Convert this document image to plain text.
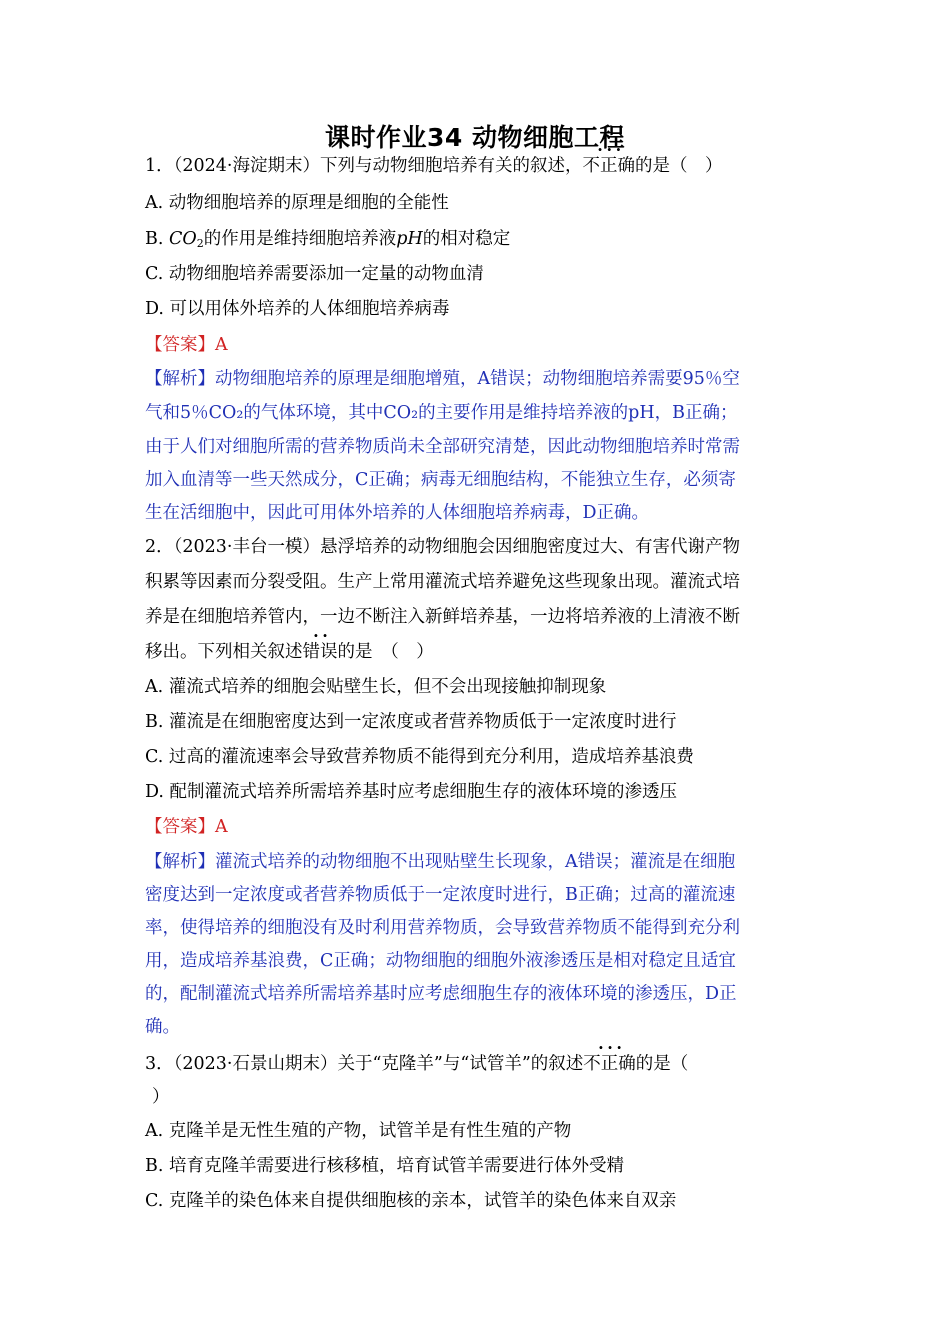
课时作业34 动物细胞工程
1．（2024·海淀期末）下列与动物细胞培养有关的叙述，· · · 不正确的是（　）
A. 动物细胞培养的原理是细胞的全能性
B. $CO_2$的作用是维持细胞培养液pH的相对稳定
C. 动物细胞培养需要添加一定量的动物血清
D. 可以用体外培养的人体细胞培养病毒
【答案】A
【解析】动物细胞培养的原理是细胞增殖，A错误；动物细胞培养需要95％空
气和5％CO₂的气体环境，其中CO₂的主要作用是维持培养液的pH，B正确；
由于人们对细胞所需的营养物质尚未全部研究清楚，因此动物细胞培养时常需
加入血清等一些天然成分，C正确；病毒无细胞结构，不能独立生存，必须寄
生在活细胞中，因此可用体外培养的人体细胞培养病毒，D正确。
2．（2023·丰台一模）悬浮培养的动物细胞会因细胞密度过大、有害代谢产物
积累等因素而分裂受阻。生产上常用灌流式培养避免这些现象出现。灌流式培
养是在细胞培养管内，一边不断注入新鲜培养基，一边将培养液的上清液不断
移出。下列相关叙述· · 错误的是　（　）
A. 灌流式培养的细胞会贴壁生长，但不会出现接触抑制现象
B. 灌流是在细胞密度达到一定浓度或者营养物质低于一定浓度时进行
C. 过高的灌流速率会导致营养物质不能得到充分利用，造成培养基浪费
D. 配制灌流式培养所需培养基时应考虑细胞生存的液体环境的渗透压
【答案】A
【解析】灌流式培养的动物细胞不出现贴壁生长现象，A错误；灌流是在细胞
密度达到一定浓度或者营养物质低于一定浓度时进行，B正确；过高的灌流速
率，使得培养的细胞没有及时利用营养物质，会导致营养物质不能得到充分利
用，造成培养基浪费，C正确；动物细胞的细胞外液渗透压是相对稳定且适宜
的，配制灌流式培养所需培养基时应考虑细胞生存的液体环境的渗透压，D正
确。
3．（2023·石景山期末）关于“克隆羊”与“试管羊”的叙述· · · 不正确的是（
）
A. 克隆羊是无性生殖的产物，试管羊是有性生殖的产物
B. 培育克隆羊需要进行核移植，培育试管羊需要进行体外受精
C. 克隆羊的染色体来自提供细胞核的亲本，试管羊的染色体来自双亲
